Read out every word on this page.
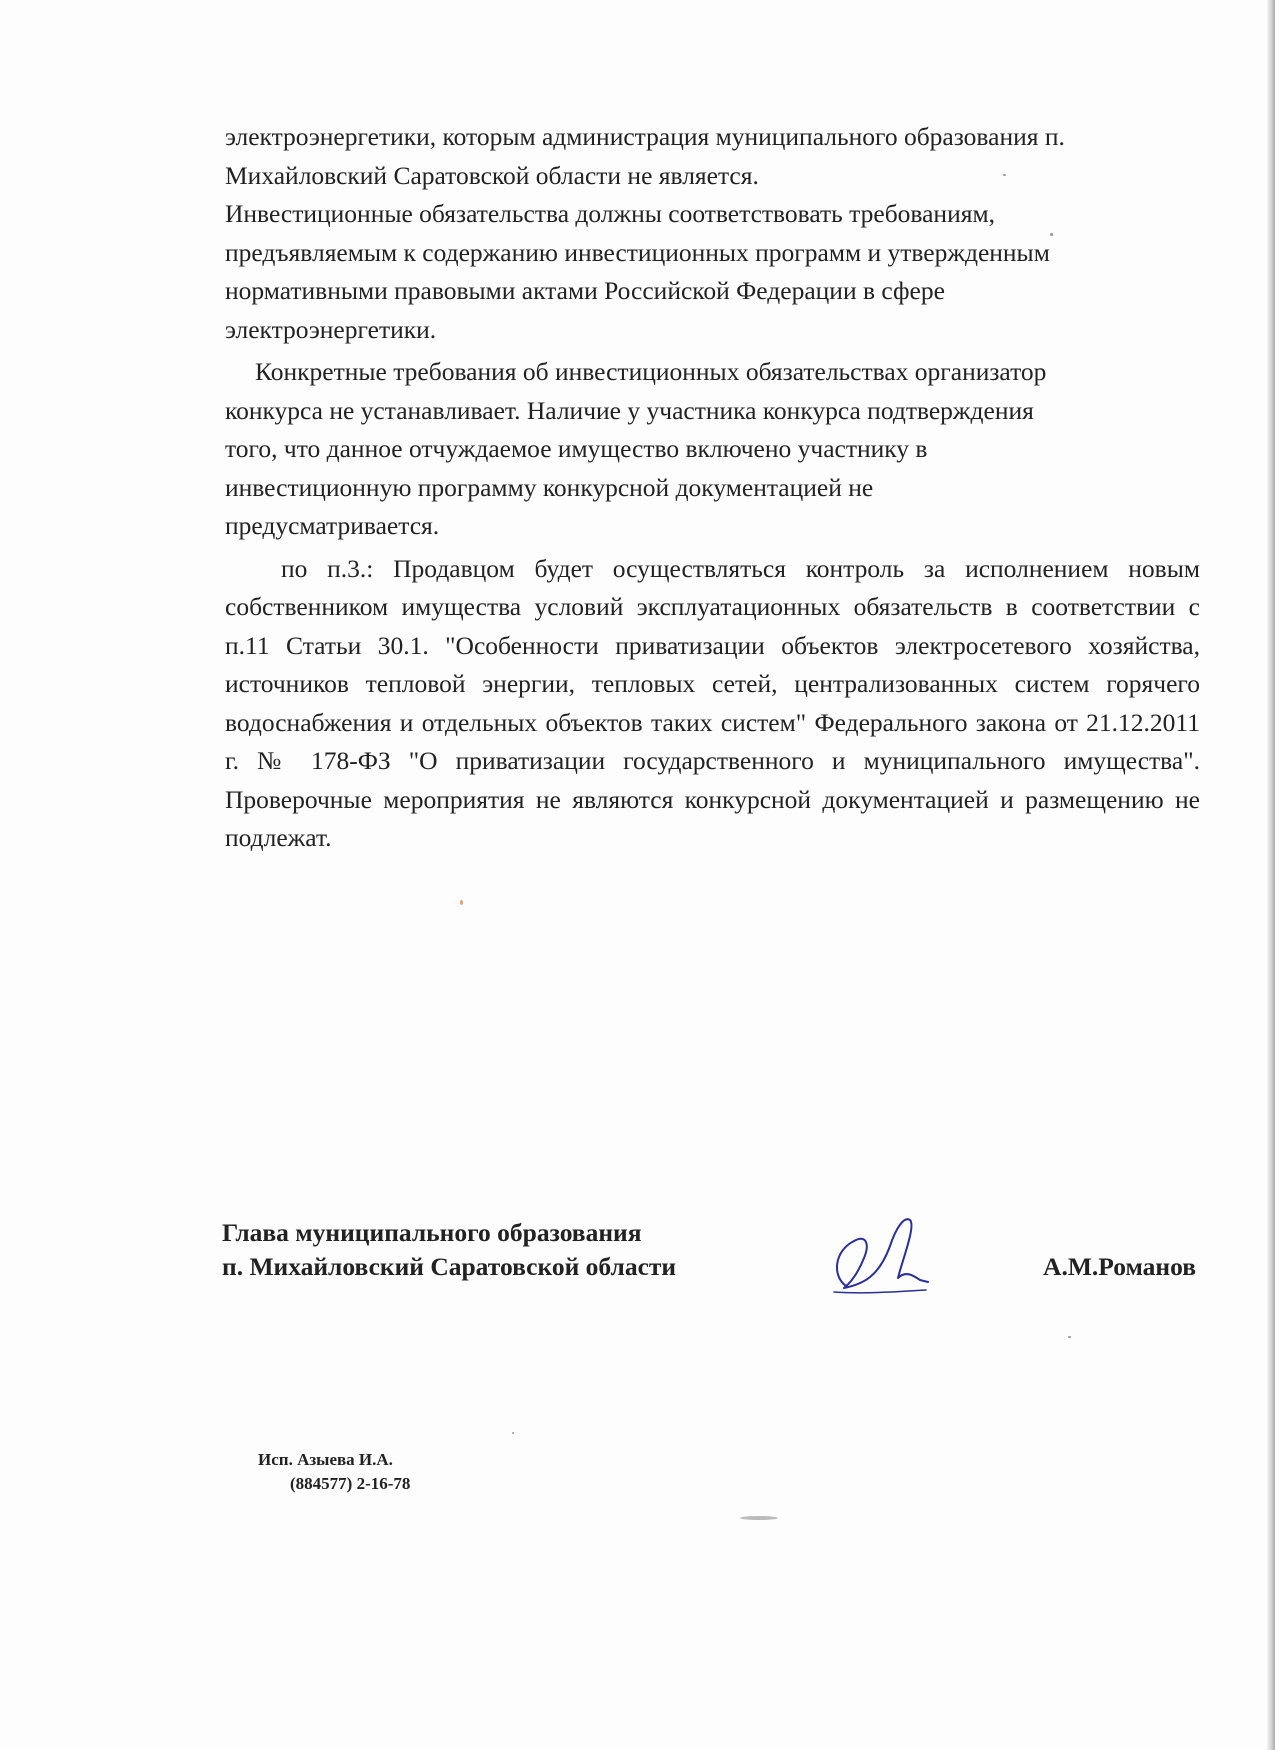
электроэнергетики, которым администрация муниципального образования п.
Михайловский Саратовской области не является.
Инвестиционные обязательства должны соответствовать требованиям,
предъявляемым к содержанию инвестиционных программ и утвержденным
нормативными правовыми актами Российской Федерации в сфере
электроэнергетики.

Конкретные требования об инвестиционных обязательствах организатор
конкурса не устанавливает. Наличие у участника конкурса подтверждения
того, что данное отчуждаемое имущество включено участнику в
инвестиционную программу конкурсной документацией не
предусматривается.

по п.3.: Продавцом будет осуществляться контроль за исполнением новым собственником имущества условий эксплуатационных обязательств в соответствии с п.11 Статьи 30.1. "Особенности приватизации объектов электросетевого хозяйства, источников тепловой энергии, тепловых сетей, централизованных систем горячего водоснабжения и отдельных объектов таких систем" Федерального закона от 21.12.2011 г. № 178-ФЗ "О приватизации государственного и муниципального имущества". Проверочные мероприятия не являются конкурсной документацией и размещению не подлежат.

Глава муниципального образования
п. Михайловский Саратовской области	А.М.Романов
Исп. Азыева И.А.
(884577) 2-16-78
